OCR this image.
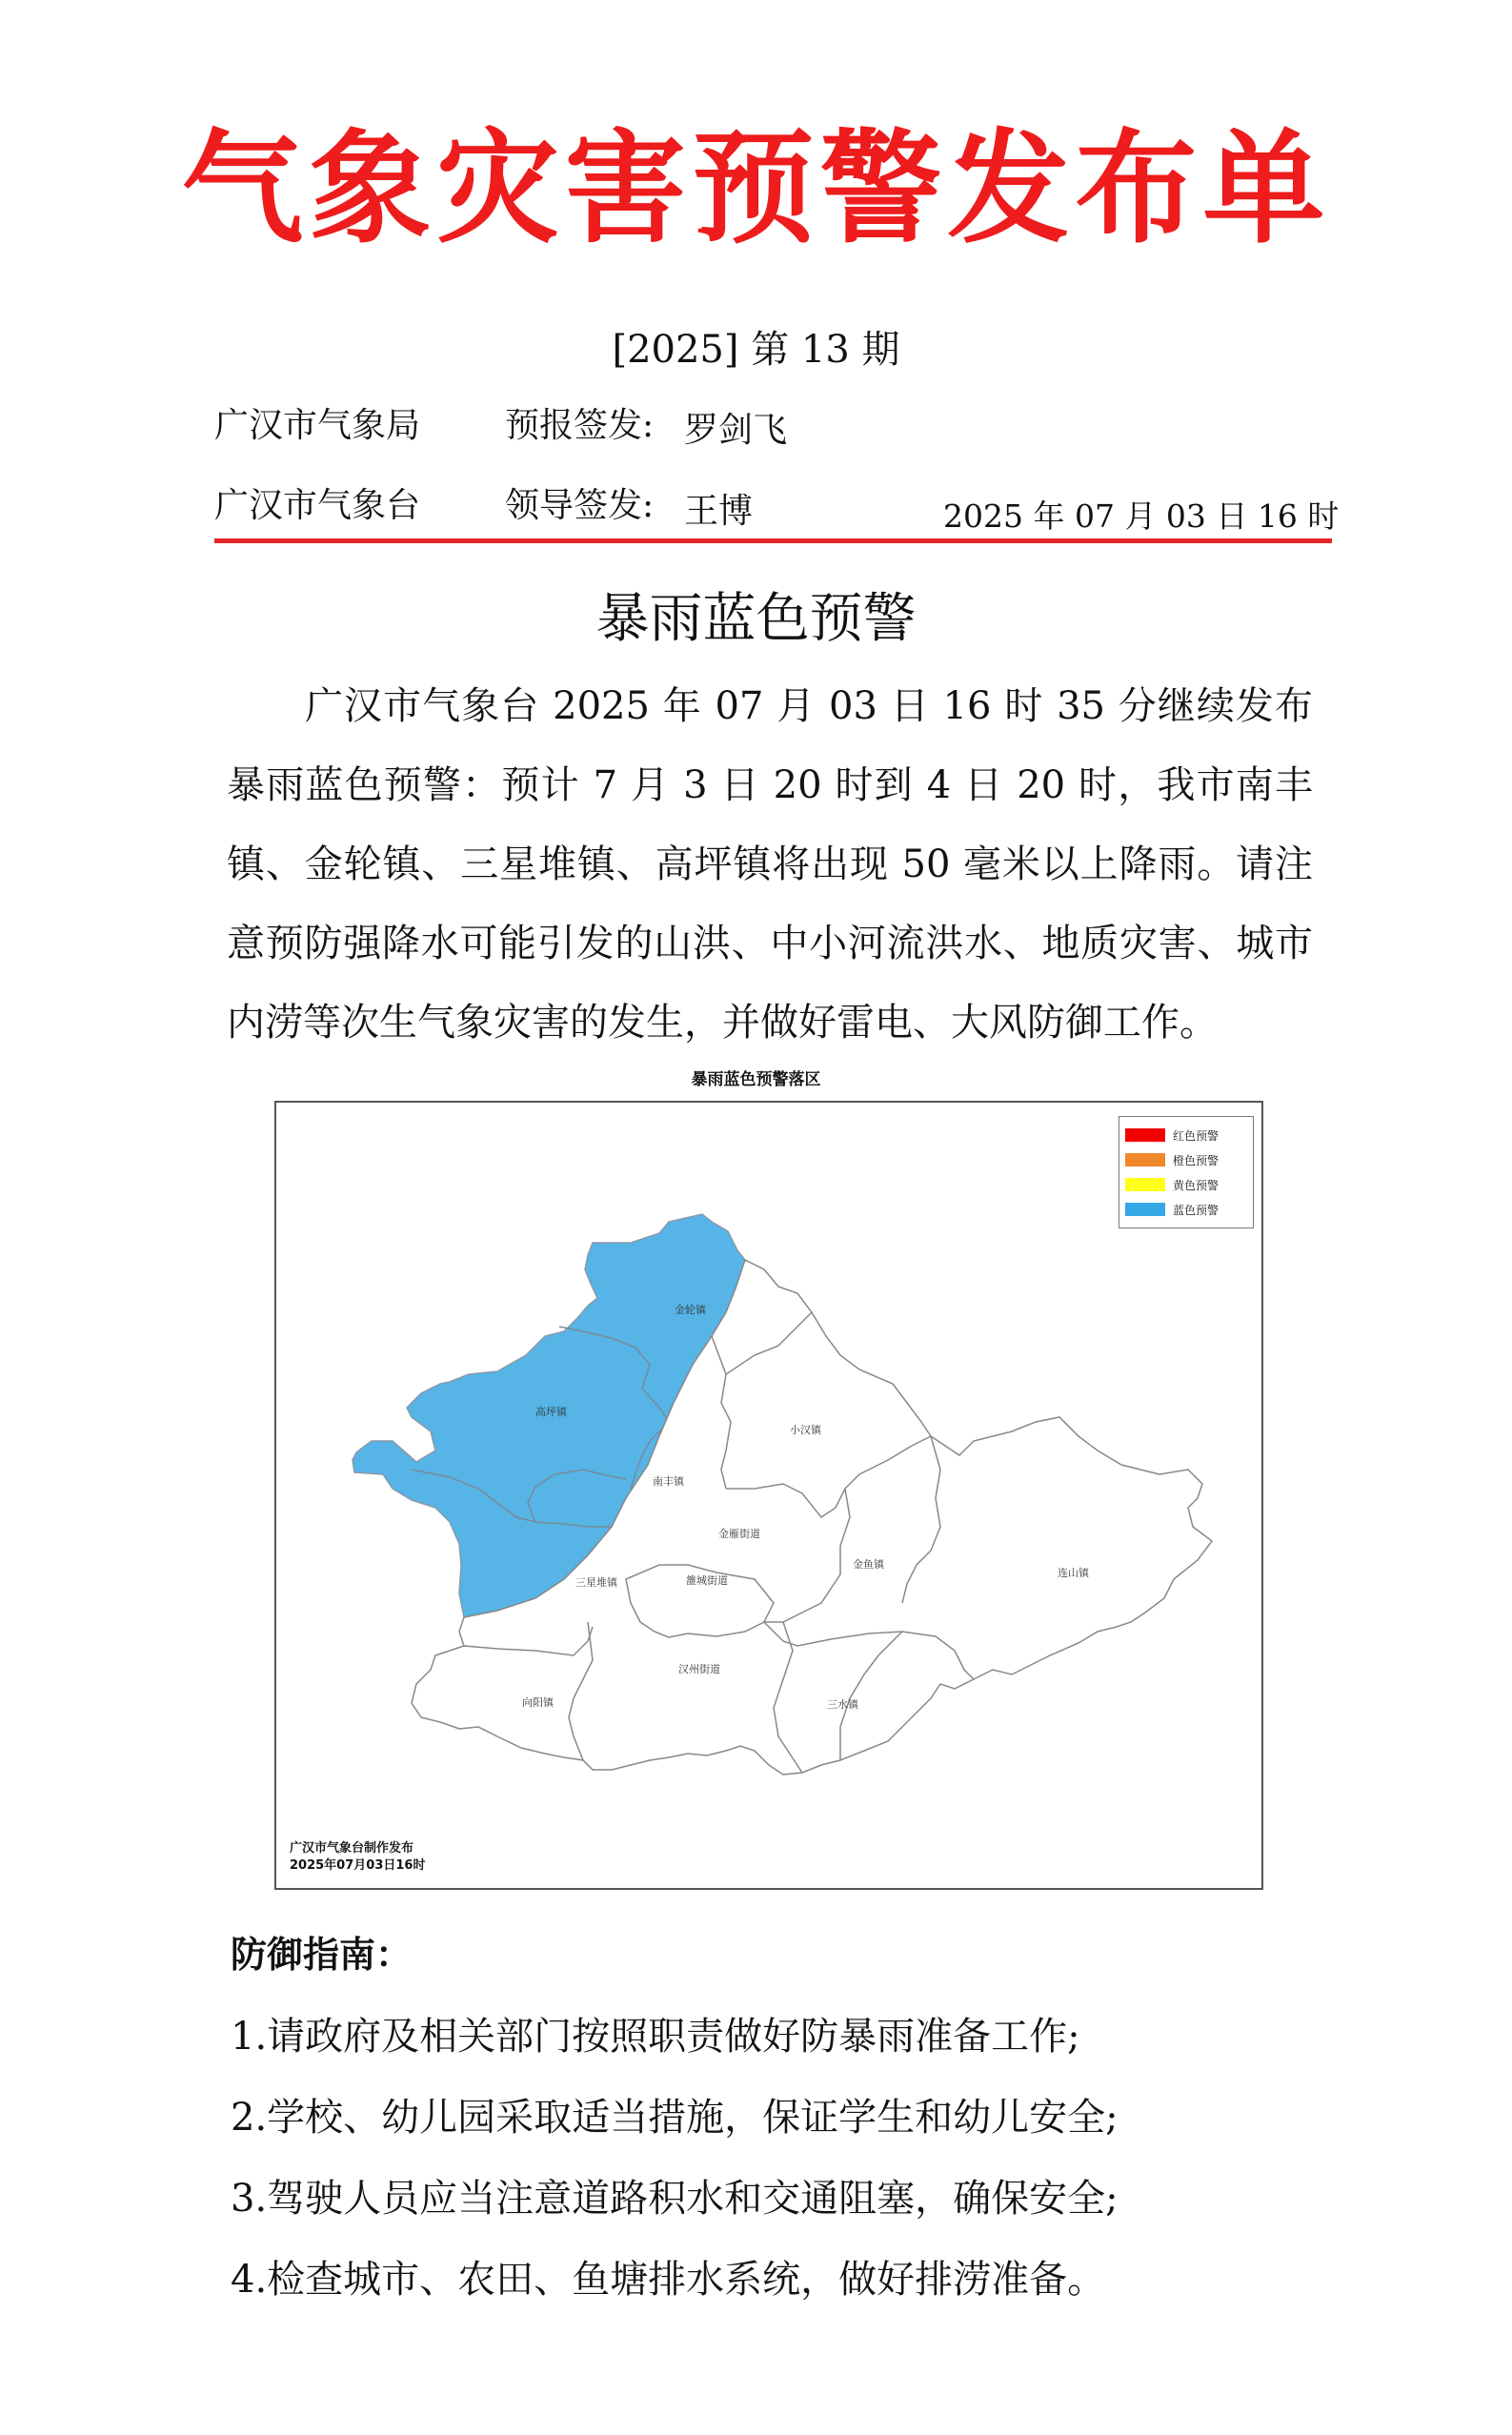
气象灾害预警发布单
[2025] 第 13 期
广汉市气象局 预报签发: 罗剑飞
广汉市气象台 领导签发: 王博	2025 年 07 月 03 日 16 时
暴雨蓝色预警

广汉市气象台 2025 年 07 月 03 日 16 时 35 分继续发布暴雨蓝色预警：预计 7 月 3 日 20 时到 4 日 20 时，我市南丰镇、金轮镇、三星堆镇、高坪镇将出现 50 毫米以上降雨。请注意预防强降水可能引发的山洪、中小河流洪水、地质灾害、城市内涝等次生气象灾害的发生，并做好雷电、大风防御工作。

暴雨蓝色预警落区
金轮镇
高坪镇
南丰镇
小汉镇
金雁街道
金鱼镇
连山镇
三星堆镇	雒城街道
向阳镇
汉州街道
三水镇
红色预警
橙色预警
黄色预警
蓝色预警
广汉市气象台制作发布
2025年07月03日16时
防御指南：
1.请政府及相关部门按照职责做好防暴雨准备工作;
2.学校、幼儿园采取适当措施，保证学生和幼儿安全;
3.驾驶人员应当注意道路积水和交通阻塞，确保安全;
4.检查城市、农田、鱼塘排水系统，做好排涝准备。
